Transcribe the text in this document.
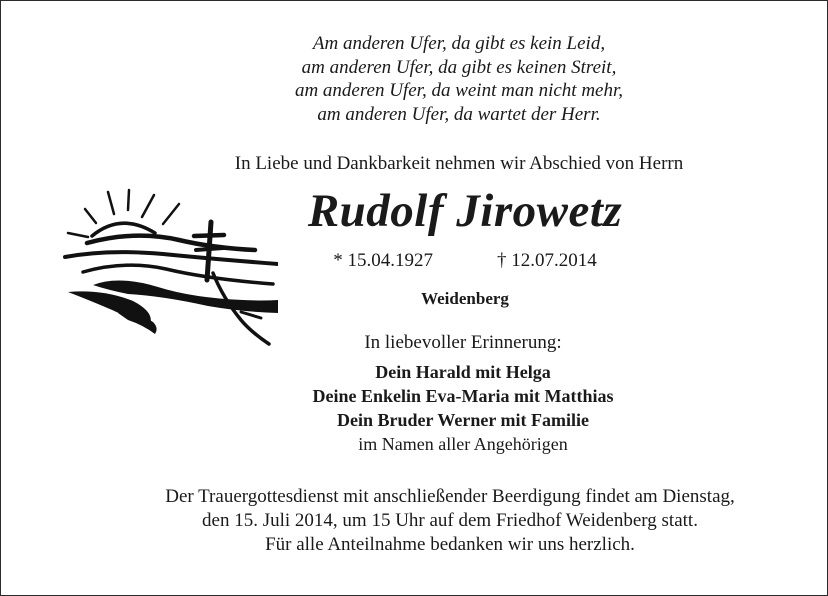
Am anderen Ufer, da gibt es kein Leid,
am anderen Ufer, da gibt es keinen Streit,
am anderen Ufer, da weint man nicht mehr,
am anderen Ufer, da wartet der Herr.
In Liebe und Dankbarkeit nehmen wir Abschied von Herrn
Rudolf Jirowetz
* 15.04.1927	† 12.07.2014
Weidenberg
In liebevoller Erinnerung:
Dein Harald mit Helga
Deine Enkelin Eva-Maria mit Matthias
Dein Bruder Werner mit Familie
im Namen aller Angehörigen
Der Trauergottesdienst mit anschließender Beerdigung findet am Dienstag,
den 15. Juli 2014, um 15 Uhr auf dem Friedhof Weidenberg statt.
Für alle Anteilnahme bedanken wir uns herzlich.
